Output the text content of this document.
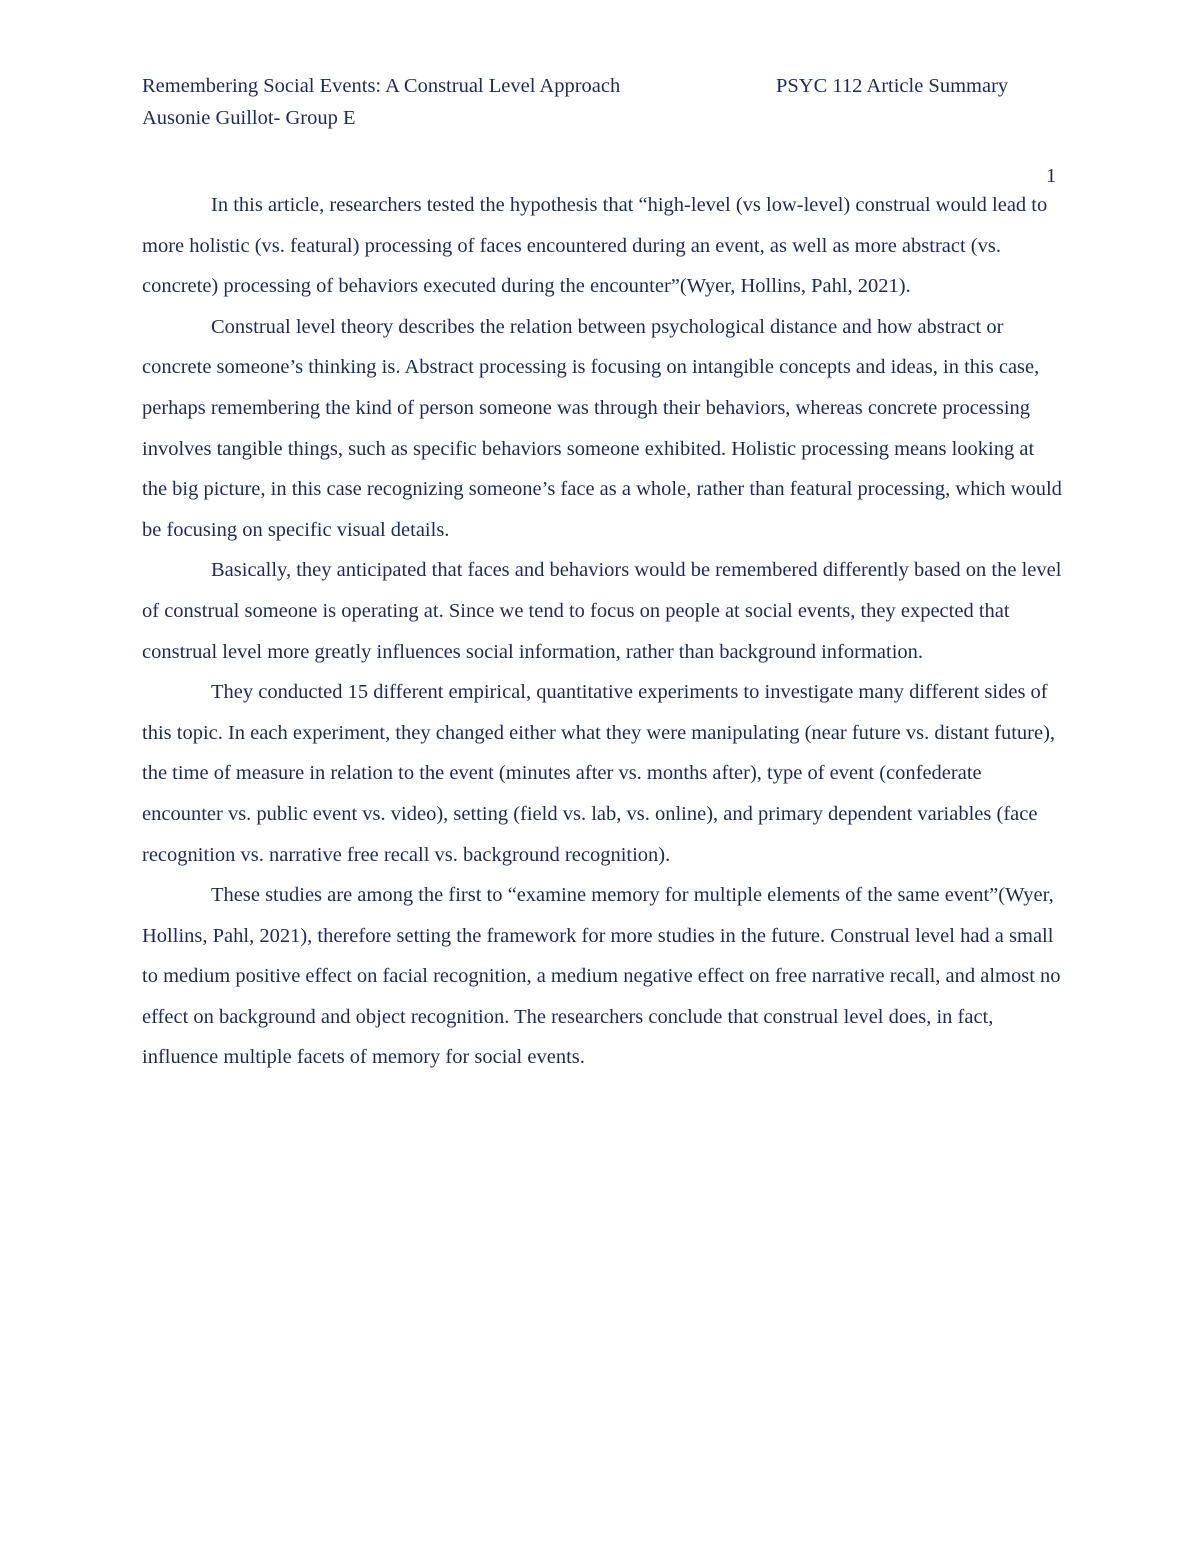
Remembering Social Events: A Construal Level Approach	PSYC 112 Article Summary
Ausonie Guillot- Group E
1

In this article, researchers tested the hypothesis that “high-level (vs low-level) construal would lead to more holistic (vs. featural) processing of faces encountered during an event, as well as more abstract (vs. concrete) processing of behaviors executed during the encounter”(Wyer, Hollins, Pahl, 2021).

Construal level theory describes the relation between psychological distance and how abstract or concrete someone’s thinking is. Abstract processing is focusing on intangible concepts and ideas, in this case, perhaps remembering the kind of person someone was through their behaviors, whereas concrete processing involves tangible things, such as specific behaviors someone exhibited. Holistic processing means looking at the big picture, in this case recognizing someone’s face as a whole, rather than featural processing, which would be focusing on specific visual details.

Basically, they anticipated that faces and behaviors would be remembered differently based on the level of construal someone is operating at. Since we tend to focus on people at social events, they expected that construal level more greatly influences social information, rather than background information.

They conducted 15 different empirical, quantitative experiments to investigate many different sides of this topic. In each experiment, they changed either what they were manipulating (near future vs. distant future), the time of measure in relation to the event (minutes after vs. months after), type of event (confederate encounter vs. public event vs. video), setting (field vs. lab, vs. online), and primary dependent variables (face recognition vs. narrative free recall vs. background recognition).

These studies are among the first to “examine memory for multiple elements of the same event”(Wyer, Hollins, Pahl, 2021), therefore setting the framework for more studies in the future. Construal level had a small to medium positive effect on facial recognition, a medium negative effect on free narrative recall, and almost no effect on background and object recognition. The researchers conclude that construal level does, in fact, influence multiple facets of memory for social events.
